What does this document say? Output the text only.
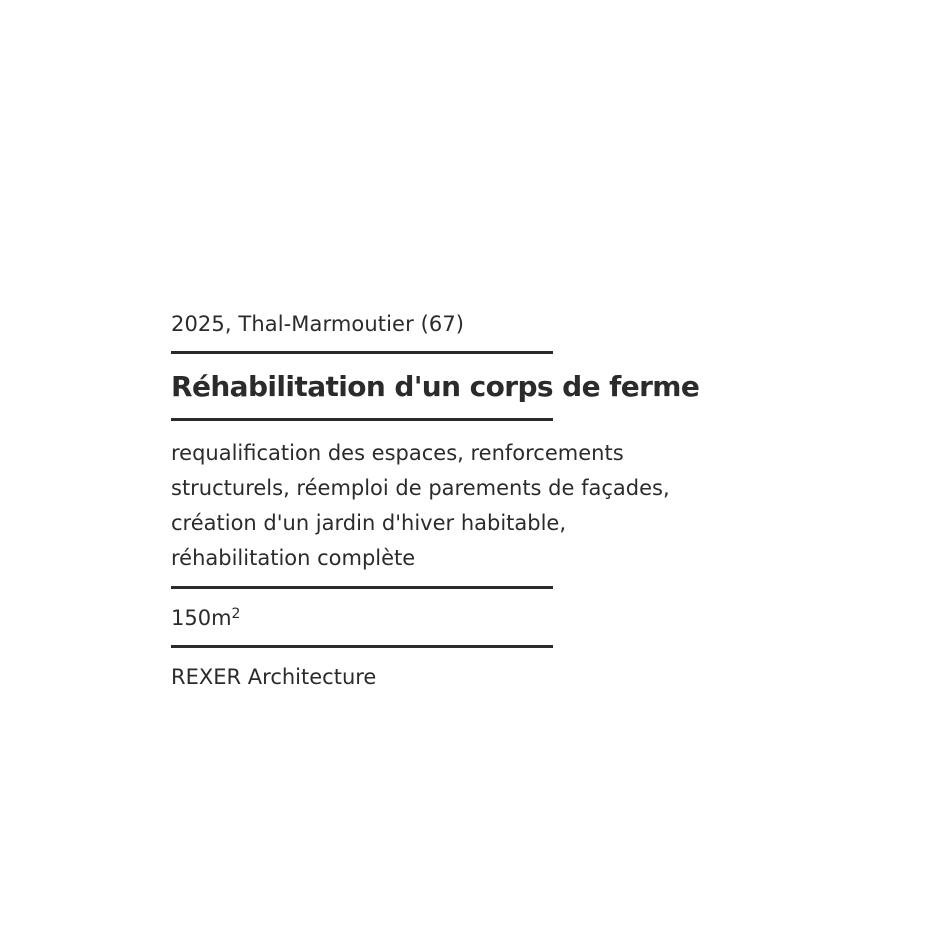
2025, Thal-Marmoutier (67)

Réhabilitation d'un corps de ferme

requalification des espaces, renforcements
structurels, réemploi de parements de façades,
création d'un jardin d'hiver habitable,
réhabilitation complète

$150m^2$

REXER Architecture
